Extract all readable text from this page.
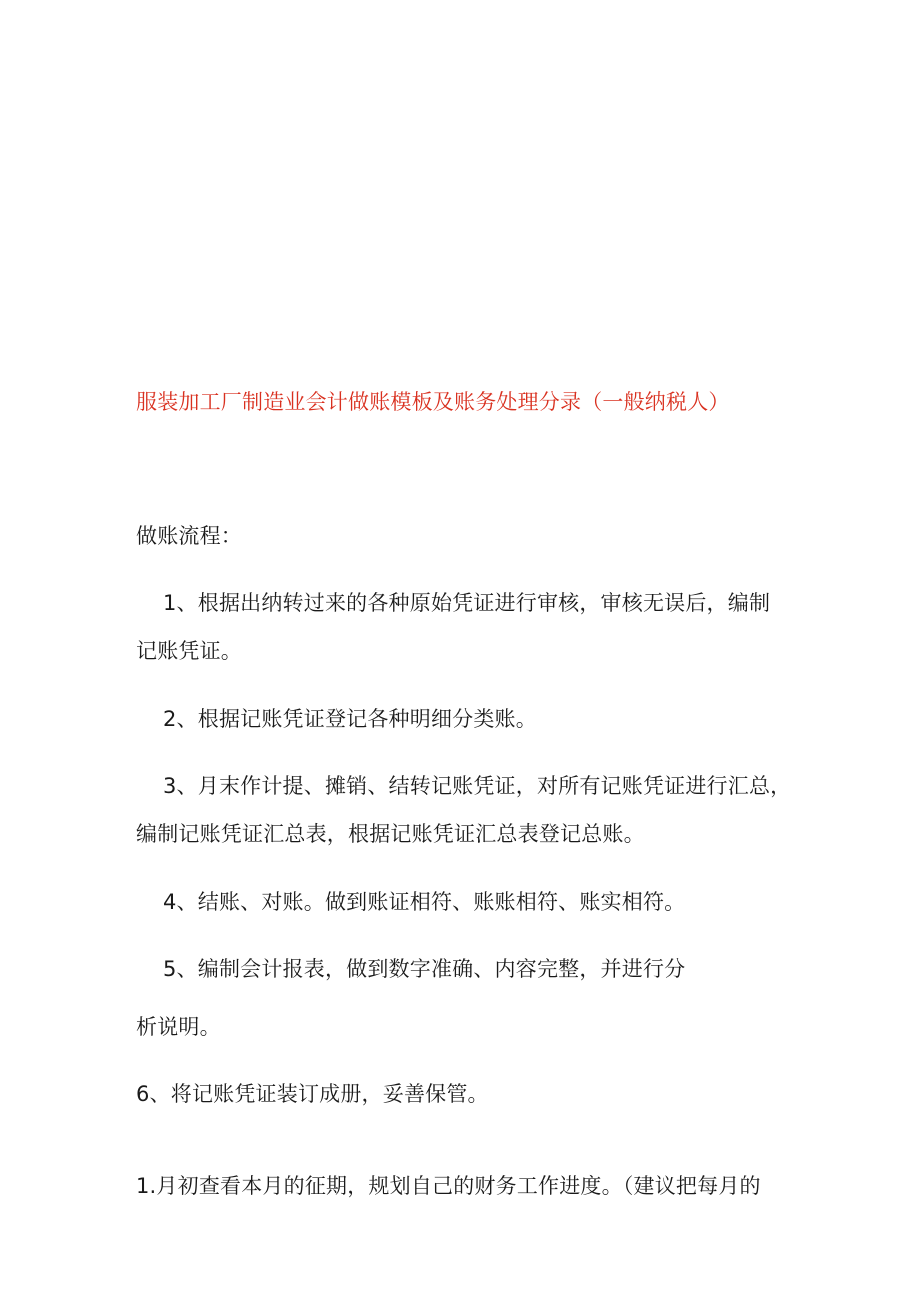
服装加工厂制造业会计做账模板及账务处理分录（一般纳税人）
做账流程：
1、根据出纳转过来的各种原始凭证进行审核，审核无误后，编制
记账凭证。
2、根据记账凭证登记各种明细分类账。
3、月末作计提、摊销、结转记账凭证，对所有记账凭证进行汇总，
编制记账凭证汇总表，根据记账凭证汇总表登记总账。
4、结账、对账。做到账证相符、账账相符、账实相符。
5、编制会计报表，做到数字准确、内容完整，并进行分
析说明。
6、将记账凭证装订成册，妥善保管。
1.月初查看本月的征期，规划自己的财务工作进度。（建议把每月的
